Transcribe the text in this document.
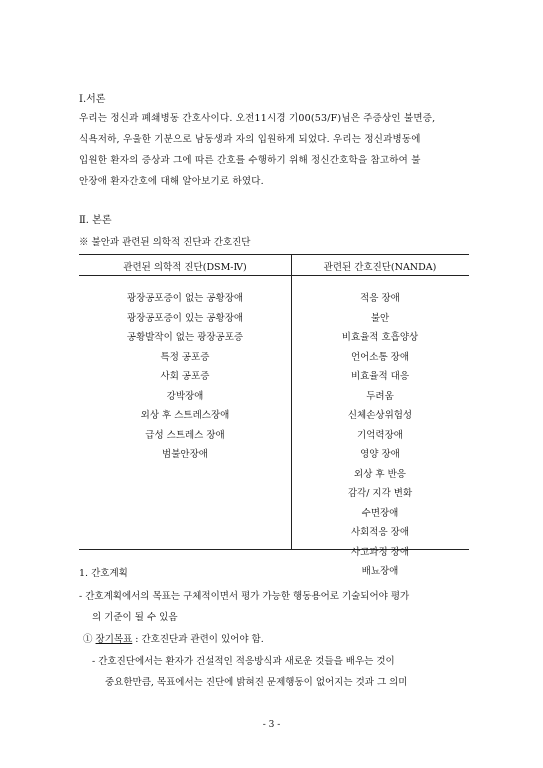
Ⅰ.서론
우리는 정신과 폐쇄병동 간호사이다. 오전11시경 기00(53/F)님은 주증상인 불면증,
식욕저하, 우울한 기분으로 남동생과 자의 입원하게 되었다. 우리는 정신과병동에
입원한 환자의 증상과 그에 따른 간호를 수행하기 위해 정신간호학을 참고하여 불
안장애 환자간호에 대해 알아보기로 하였다.
Ⅱ. 본론
※ 불안과 관련된 의학적 진단과 간호진단
관련된 의학적 진단(DSM-Ⅳ)	관련된 간호진단(NANDA)
광장공포증이 없는 공황장애
광장공포증이 있는 공황장애
공황발작이 없는 광장공포증
특정 공포증
사회 공포증
강박장애
외상 후 스트레스장애
급성 스트레스 장애
범불안장애
적응 장애
불안
비효율적 호흡양상
언어소통 장애
비효율적 대응
두려움
신체손상위험성
기억력장애
영양 장애
외상 후 반응
감각/ 지각 변화
수면장애
사회적응 장애
사고과정 장애
배뇨장애
1. 간호계획
- 간호계획에서의 목표는 구체적이면서 평가 가능한 행동용어로 기술되어야 평가
의 기준이 될 수 있음
① 장기목표 : 간호진단과 관련이 있어야 함.
- 간호진단에서는 환자가 건설적인 적응방식과 새로운 것들을 배우는 것이
중요한만큼, 목표에서는 진단에 밝혀진 문제행동이 없어지는 것과 그 의미
- 3 -
